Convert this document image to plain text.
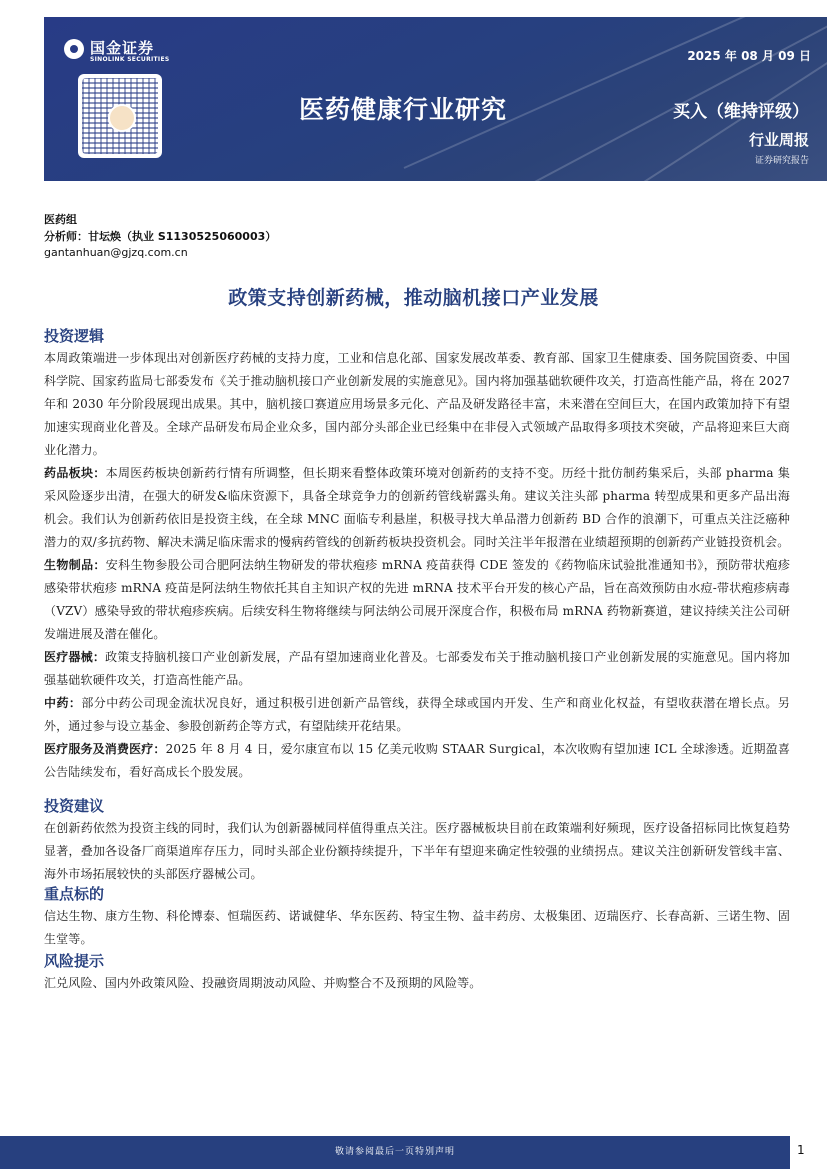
国金证券
SINOLINK SECURITIES	2025 年 08 月 09 日
医药健康行业研究	买入（维持评级）
行业周报
证券研究报告
医药组
分析师：甘坛焕（执业 S1130525060003）
gantanhuan@gjzq.com.cn
政策支持创新药械，推动脑机接口产业发展
投资逻辑
本周政策端进一步体现出对创新医疗药械的支持力度，工业和信息化部、国家发展改革委、教育部、国家卫生健康委、国务院国资委、中国科学院、国家药监局七部委发布《关于推动脑机接口产业创新发展的实施意见》。国内将加强基础软硬件攻关，打造高性能产品，将在 2027 年和 2030 年分阶段展现出成果。其中，脑机接口赛道应用场景多元化、产品及研发路径丰富，未来潜在空间巨大，在国内政策加持下有望加速实现商业化普及。全球产品研发布局企业众多，国内部分头部企业已经集中在非侵入式领域产品取得多项技术突破，产品将迎来巨大商业化潜力。
药品板块：本周医药板块创新药行情有所调整，但长期来看整体政策环境对创新药的支持不变。历经十批仿制药集采后，头部 pharma 集采风险逐步出清，在强大的研发&临床资源下，具备全球竞争力的创新药管线崭露头角。建议关注头部 pharma 转型成果和更多产品出海机会。我们认为创新药依旧是投资主线，在全球 MNC 面临专利悬崖，积极寻找大单品潜力创新药 BD 合作的浪潮下，可重点关注泛癌种潜力的双/多抗药物、解决未满足临床需求的慢病药管线的创新药板块投资机会。同时关注半年报潜在业绩超预期的创新药产业链投资机会。
生物制品：安科生物参股公司合肥阿法纳生物研发的带状疱疹 mRNA 疫苗获得 CDE 签发的《药物临床试验批准通知书》，预防带状疱疹感染带状疱疹 mRNA 疫苗是阿法纳生物依托其自主知识产权的先进 mRNA 技术平台开发的核心产品，旨在高效预防由水痘-带状疱疹病毒（VZV）感染导致的带状疱疹疾病。后续安科生物将继续与阿法纳公司展开深度合作，积极布局 mRNA 药物新赛道，建议持续关注公司研发端进展及潜在催化。
医疗器械：政策支持脑机接口产业创新发展，产品有望加速商业化普及。七部委发布关于推动脑机接口产业创新发展的实施意见。国内将加强基础软硬件攻关，打造高性能产品。
中药：部分中药公司现金流状况良好，通过积极引进创新产品管线，获得全球或国内开发、生产和商业化权益，有望收获潜在增长点。另外，通过参与设立基金、参股创新药企等方式，有望陆续开花结果。
医疗服务及消费医疗：2025 年 8 月 4 日，爱尔康宣布以 15 亿美元收购 STAAR Surgical，本次收购有望加速 ICL 全球渗透。近期盈喜公告陆续发布，看好高成长个股发展。
投资建议
在创新药依然为投资主线的同时，我们认为创新器械同样值得重点关注。医疗器械板块目前在政策端利好频现，医疗设备招标同比恢复趋势显著，叠加各设备厂商渠道库存压力，同时头部企业份额持续提升，下半年有望迎来确定性较强的业绩拐点。建议关注创新研发管线丰富、海外市场拓展较快的头部医疗器械公司。
重点标的
信达生物、康方生物、科伦博泰、恒瑞医药、诺诚健华、华东医药、特宝生物、益丰药房、太极集团、迈瑞医疗、长春高新、三诺生物、固生堂等。
风险提示
汇兑风险、国内外政策风险、投融资周期波动风险、并购整合不及预期的风险等。
敬请参阅最后一页特别声明	1
